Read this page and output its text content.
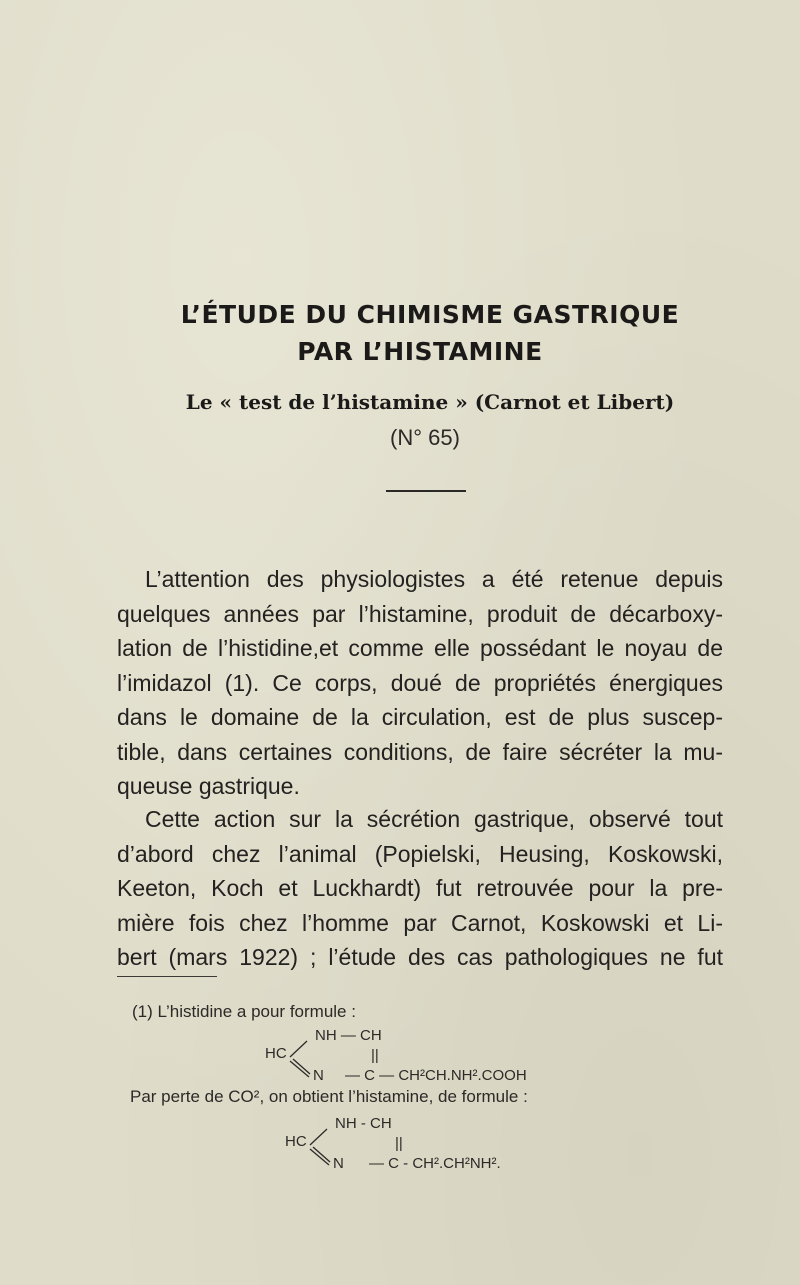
L’ÉTUDE DU CHIMISME GASTRIQUE
PAR L’HISTAMINE
Le « test de l’histamine » (Carnot et Libert)
(N° 65)
L’attention des physiologistes a été retenue depuis
quelques années par l’histamine, produit de décarboxy-
lation de l’histidine,et comme elle possédant le noyau de
l’imidazol (1). Ce corps, doué de propriétés énergiques
dans le domaine de la circulation, est de plus suscep-
tible, dans certaines conditions, de faire sécréter la mu-
queuse gastrique.
Cette action sur la sécrétion gastrique, observé tout
d’abord chez l’animal (Popielski, Heusing, Koskowski,
Keeton, Koch et Luckhardt) fut retrouvée pour la pre-
mière fois chez l’homme par Carnot, Koskowski et Li-
bert (mars 1922) ; l’étude des cas pathologiques ne fut
(1) L’histidine a pour formule :
HC
NH — CH
||
N — C — CH²CH.NH².COOH
Par perte de CO², on obtient l’histamine, de formule :
HC
NH - CH
||
N — C - CH².CH²NH².
